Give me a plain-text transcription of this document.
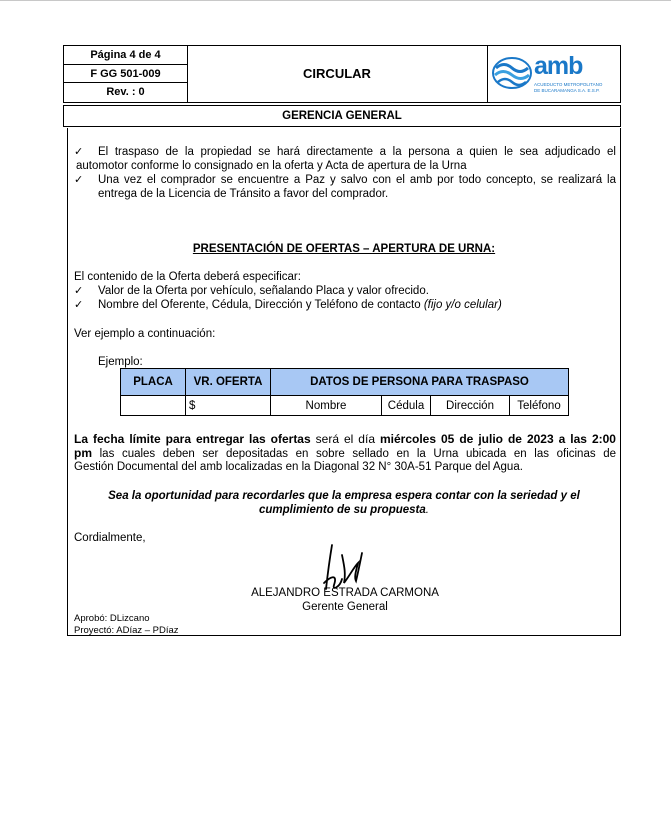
Página 4 de 4
F GG 501-009
Rev. : 0
CIRCULAR	amb
ACUEDUCTO METROPOLITANO
DE BUCARAMANGA S.A. E.S.P.
GERENCIA GENERAL
✓ El traspaso de la propiedad se hará directamente a la persona a quien le sea adjudicado el
automotor conforme lo consignado en la oferta y Acta de apertura de la Urna
✓ Una vez el comprador se encuentre a Paz y salvo con el amb por todo concepto, se realizará la
entrega de la Licencia de Tránsito a favor del comprador.
PRESENTACIÓN DE OFERTAS – APERTURA DE URNA:
El contenido de la Oferta deberá especificar:
✓ Valor de la Oferta por vehículo, señalando Placa y valor ofrecido.
✓ Nombre del Oferente, Cédula, Dirección y Teléfono de contacto (fijo y/o celular)
Ver ejemplo a continuación:
Ejemplo:
PLACA	VR. OFERTA	DATOS DE PERSONA PARA TRASPASO			
	$	Nombre	Cédula	Dirección	Teléfono
La fecha límite para entregar las ofertas será el día miércoles 05 de julio de 2023 a las 2:00
pm las cuales deben ser depositadas en sobre sellado en la Urna ubicada en las oficinas de
Gestión Documental del amb localizadas en la Diagonal 32 N° 30A-51 Parque del Agua.
Sea la oportunidad para recordarles que la empresa espera contar con la seriedad y el
cumplimiento de su propuesta.
Cordialmente,
ALEJANDRO ESTRADA CARMONA
Gerente General
Aprobó: DLizcano
Proyectó: ADíaz – PDíaz
